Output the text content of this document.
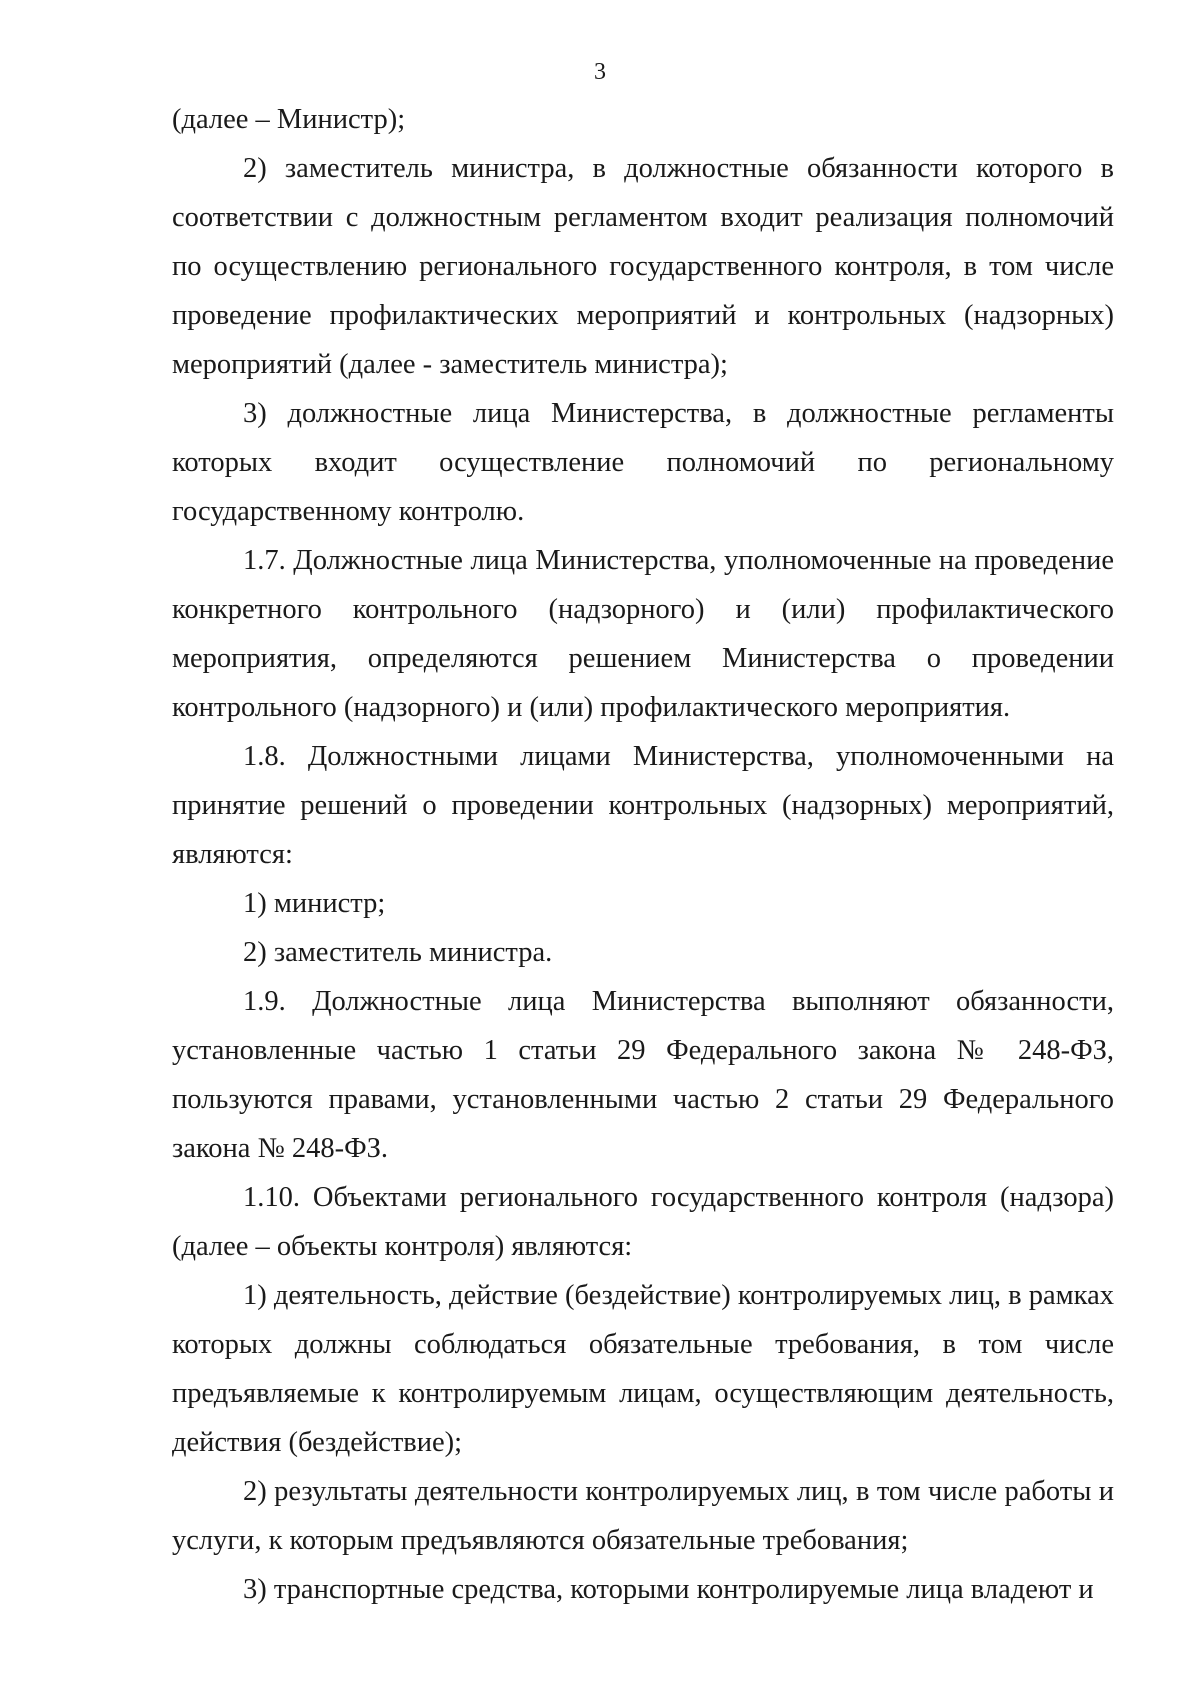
3

(далее – Министр);

2) заместитель министра, в должностные обязанности которого в соответствии с должностным регламентом входит реализация полномочий по осуществлению регионального государственного контроля, в том числе проведение профилактических мероприятий и контрольных (надзорных) мероприятий (далее - заместитель министра);

3) должностные лица Министерства, в должностные регламенты которых входит осуществление полномочий по региональному государственному контролю.

1.7. Должностные лица Министерства, уполномоченные на проведение конкретного контрольного (надзорного) и (или) профилактического мероприятия, определяются решением Министерства о проведении контрольного (надзорного) и (или) профилактического мероприятия.

1.8. Должностными лицами Министерства, уполномоченными на принятие решений о проведении контрольных (надзорных) мероприятий, являются:

1) министр;

2) заместитель министра.

1.9. Должностные лица Министерства выполняют обязанности, установленные частью 1 статьи 29 Федерального закона № 248-ФЗ, пользуются правами, установленными частью 2 статьи 29 Федерального закона № 248-ФЗ.

1.10. Объектами регионального государственного контроля (надзора) (далее – объекты контроля) являются:

1) деятельность, действие (бездействие) контролируемых лиц, в рамках которых должны соблюдаться обязательные требования, в том числе предъявляемые к контролируемым лицам, осуществляющим деятельность, действия (бездействие);

2) результаты деятельности контролируемых лиц, в том числе работы и услуги, к которым предъявляются обязательные требования;

3) транспортные средства, которыми контролируемые лица владеют и
